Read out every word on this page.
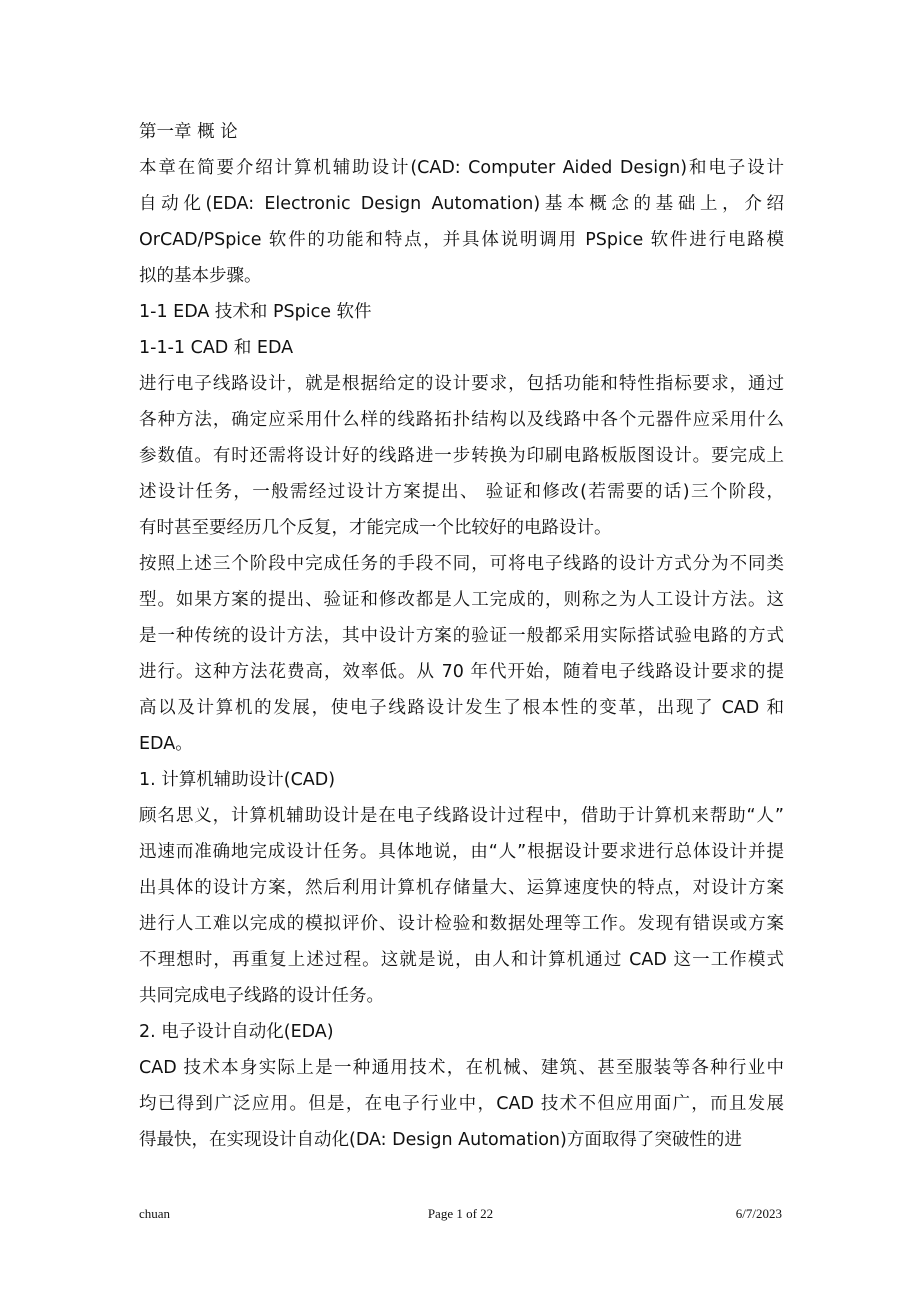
第一章 概 论
本章在简要介绍计算机辅助设计(CAD: Computer Aided Design)和电子设计
自动化(EDA: Electronic Design Automation)基本概念的基础上，介绍
OrCAD/PSpice 软件的功能和特点，并具体说明调用 PSpice 软件进行电路模
拟的基本步骤。
1-1 EDA 技术和 PSpice 软件
1-1-1 CAD 和 EDA
进行电子线路设计，就是根据给定的设计要求，包括功能和特性指标要求，通过
各种方法，确定应采用什么样的线路拓扑结构以及线路中各个元器件应采用什么
参数值。有时还需将设计好的线路进一步转换为印刷电路板版图设计。要完成上
述设计任务，一般需经过设计方案提出、 验证和修改(若需要的话)三个阶段，
有时甚至要经历几个反复，才能完成一个比较好的电路设计。
按照上述三个阶段中完成任务的手段不同，可将电子线路的设计方式分为不同类
型。如果方案的提出、验证和修改都是人工完成的，则称之为人工设计方法。这
是一种传统的设计方法，其中设计方案的验证一般都采用实际搭试验电路的方式
进行。这种方法花费高，效率低。从 70 年代开始，随着电子线路设计要求的提
高以及计算机的发展，使电子线路设计发生了根本性的变革，出现了 CAD 和
EDA。
1. 计算机辅助设计(CAD)
顾名思义，计算机辅助设计是在电子线路设计过程中，借助于计算机来帮助“人”
迅速而准确地完成设计任务。具体地说，由“人”根据设计要求进行总体设计并提
出具体的设计方案，然后利用计算机存储量大、运算速度快的特点，对设计方案
进行人工难以完成的模拟评价、设计检验和数据处理等工作。发现有错误或方案
不理想时，再重复上述过程。这就是说，由人和计算机通过 CAD 这一工作模式
共同完成电子线路的设计任务。
2. 电子设计自动化(EDA)
CAD 技术本身实际上是一种通用技术，在机械、建筑、甚至服装等各种行业中
均已得到广泛应用。但是，在电子行业中，CAD 技术不但应用面广，而且发展
得最快，在实现设计自动化(DA: Design Automation)方面取得了突破性的进
chuan	Page 1 of 22	6/7/2023
